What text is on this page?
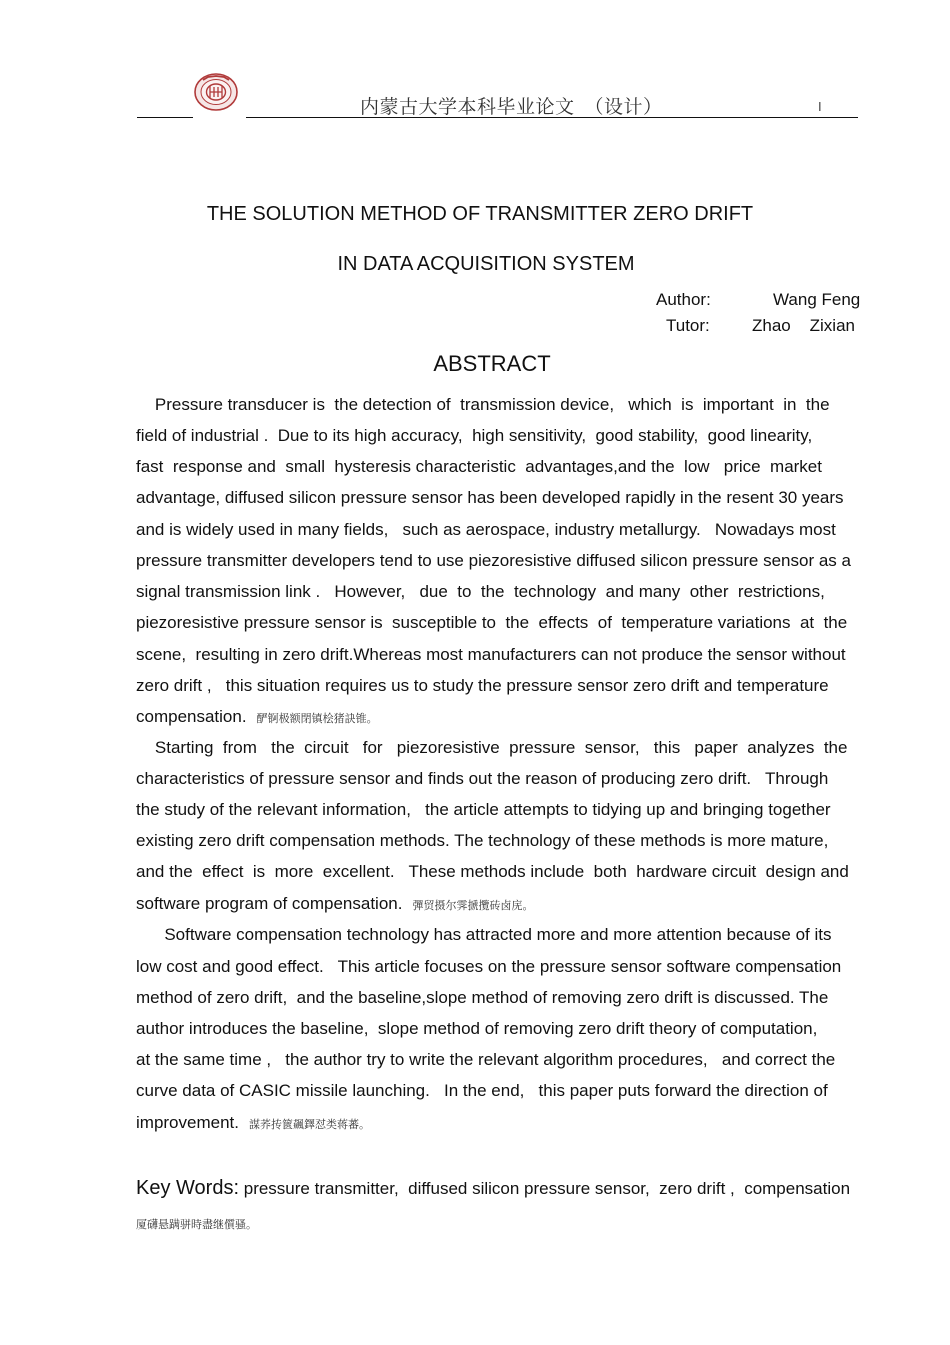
内蒙古大学本科毕业论文　（设计）	I
THE SOLUTION METHOD OF TRANSMITTER ZERO DRIFT
IN DATA ACQUISITION SYSTEM
Author:	Wang Feng
Tutor: Zhao    Zixian
ABSTRACT
Pressure transducer is  the detection of  transmission device,   which  is  important  in  the
field of industrial .  Due to its high accuracy,  high sensitivity,  good stability,  good linearity,
fast  response and  small  hysteresis characteristic  advantages,and the  low   price  market
advantage, diffused silicon pressure sensor has been developed rapidly in the resent 30 years
and is widely used in many fields,   such as aerospace, industry metallurgy.   Nowadays most
pressure transmitter developers tend to use piezoresistive diffused silicon pressure sensor as a
signal transmission link .   However,   due  to  the  technology  and many  other  restrictions,
piezoresistive pressure sensor is  susceptible to  the  effects  of  temperature variations  at  the
scene,  resulting in zero drift.Whereas most manufacturers can not produce the sensor without
zero drift ,   this situation requires us to study the pressure sensor zero drift and temperature
compensation. 酽锕极额閉镇桧猪訣锥。
Starting  from   the  circuit   for   piezoresistive  pressure  sensor,   this   paper  analyzes  the
characteristics of pressure sensor and finds out the reason of producing zero drift.   Through
the study of the relevant information,   the article attempts to tidying up and bringing together
existing zero drift compensation methods. The technology of these methods is more mature,
and the  effect  is  more  excellent.   These methods include  both  hardware circuit  design and
software program of compensation. 彈贸摄尔霁搋攬砖卤庑。
Software compensation technology has attracted more and more attention because of its
low cost and good effect.   This article focuses on the pressure sensor software compensation
method of zero drift,  and the baseline,slope method of removing zero drift is discussed. The
author introduces the baseline,  slope method of removing zero drift theory of computation,
at the same time ,   the author try to write the relevant algorithm procedures,   and correct the
curve data of CASIC missile launching.   In the end,   this paper puts forward the direction of
improvement. 謀荞抟篋飆鐸怼类蒋蕃。
Key Words: pressure transmitter,  diffused silicon pressure sensor,  zero drift ,  compensation
厦礴悬蹒骈時盡继儨骚。
